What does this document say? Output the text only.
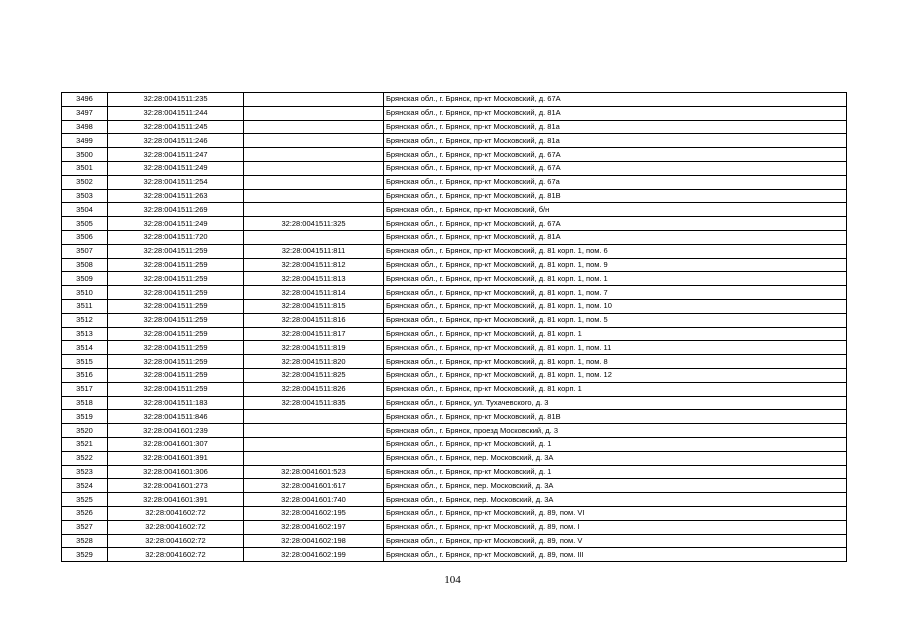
3496	32:28:0041511:235		Брянская обл., г. Брянск, пр-кт Московский, д. 67А
3497	32:28:0041511:244		Брянская обл., г. Брянск, пр-кт Московский, д. 81А
3498	32:28:0041511:245		Брянская обл., г. Брянск, пр-кт Московский, д. 81а
3499	32:28:0041511:246		Брянская обл., г. Брянск, пр-кт Московский, д. 81а
3500	32:28:0041511:247		Брянская обл., г. Брянск, пр-кт Московский, д. 67А
3501	32:28:0041511:249		Брянская обл., г. Брянск, пр-кт Московский, д. 67А
3502	32:28:0041511:254		Брянская обл., г. Брянск, пр-кт Московский, д. 67а
3503	32:28:0041511:263		Брянская обл., г. Брянск, пр-кт Московский, д. 81В
3504	32:28:0041511:269		Брянская обл., г. Брянск, пр-кт Московский, б/н
3505	32:28:0041511:249	32:28:0041511:325	Брянская обл., г. Брянск, пр-кт Московский, д. 67А
3506	32:28:0041511:720		Брянская обл., г. Брянск, пр-кт Московский, д. 81А
3507	32:28:0041511:259	32:28:0041511:811	Брянская обл., г. Брянск, пр-кт Московский, д. 81 корп. 1, пом. 6
3508	32:28:0041511:259	32:28:0041511:812	Брянская обл., г. Брянск, пр-кт Московский, д. 81 корп. 1, пом. 9
3509	32:28:0041511:259	32:28:0041511:813	Брянская обл., г. Брянск, пр-кт Московский, д. 81 корп. 1, пом. 1
3510	32:28:0041511:259	32:28:0041511:814	Брянская обл., г. Брянск, пр-кт Московский, д. 81 корп. 1, пом. 7
3511	32:28:0041511:259	32:28:0041511:815	Брянская обл., г. Брянск, пр-кт Московский, д. 81 корп. 1, пом. 10
3512	32:28:0041511:259	32:28:0041511:816	Брянская обл., г. Брянск, пр-кт Московский, д. 81 корп. 1, пом. 5
3513	32:28:0041511:259	32:28:0041511:817	Брянская обл., г. Брянск, пр-кт Московский, д. 81 корп. 1
3514	32:28:0041511:259	32:28:0041511:819	Брянская обл., г. Брянск, пр-кт Московский, д. 81 корп. 1, пом. 11
3515	32:28:0041511:259	32:28:0041511:820	Брянская обл., г. Брянск, пр-кт Московский, д. 81 корп. 1, пом. 8
3516	32:28:0041511:259	32:28:0041511:825	Брянская обл., г. Брянск, пр-кт Московский, д. 81 корп. 1, пом. 12
3517	32:28:0041511:259	32:28:0041511:826	Брянская обл., г. Брянск, пр-кт Московский, д. 81 корп. 1
3518	32:28:0041511:183	32:28:0041511:835	Брянская обл., г. Брянск, ул. Тухачевского, д. 3
3519	32:28:0041511:846		Брянская обл., г. Брянск, пр-кт Московский, д. 81В
3520	32:28:0041601:239		Брянская обл., г. Брянск, проезд Московский, д. 3
3521	32:28:0041601:307		Брянская обл., г. Брянск, пр-кт Московский, д. 1
3522	32:28:0041601:391		Брянская обл., г. Брянск, пер. Московский, д. 3А
3523	32:28:0041601:306	32:28:0041601:523	Брянская обл., г. Брянск, пр-кт Московский, д. 1
3524	32:28:0041601:273	32:28:0041601:617	Брянская обл., г. Брянск, пер. Московский, д. 3А
3525	32:28:0041601:391	32:28:0041601:740	Брянская обл., г. Брянск, пер. Московский, д. 3А
3526	32:28:0041602:72	32:28:0041602:195	Брянская обл., г. Брянск, пр-кт Московский, д. 89, пом. VI
3527	32:28:0041602:72	32:28:0041602:197	Брянская обл., г. Брянск, пр-кт Московский, д. 89, пом. I
3528	32:28:0041602:72	32:28:0041602:198	Брянская обл., г. Брянск, пр-кт Московский, д. 89, пом. V
3529	32:28:0041602:72	32:28:0041602:199	Брянская обл., г. Брянск, пр-кт Московский, д. 89, пом. III
104
